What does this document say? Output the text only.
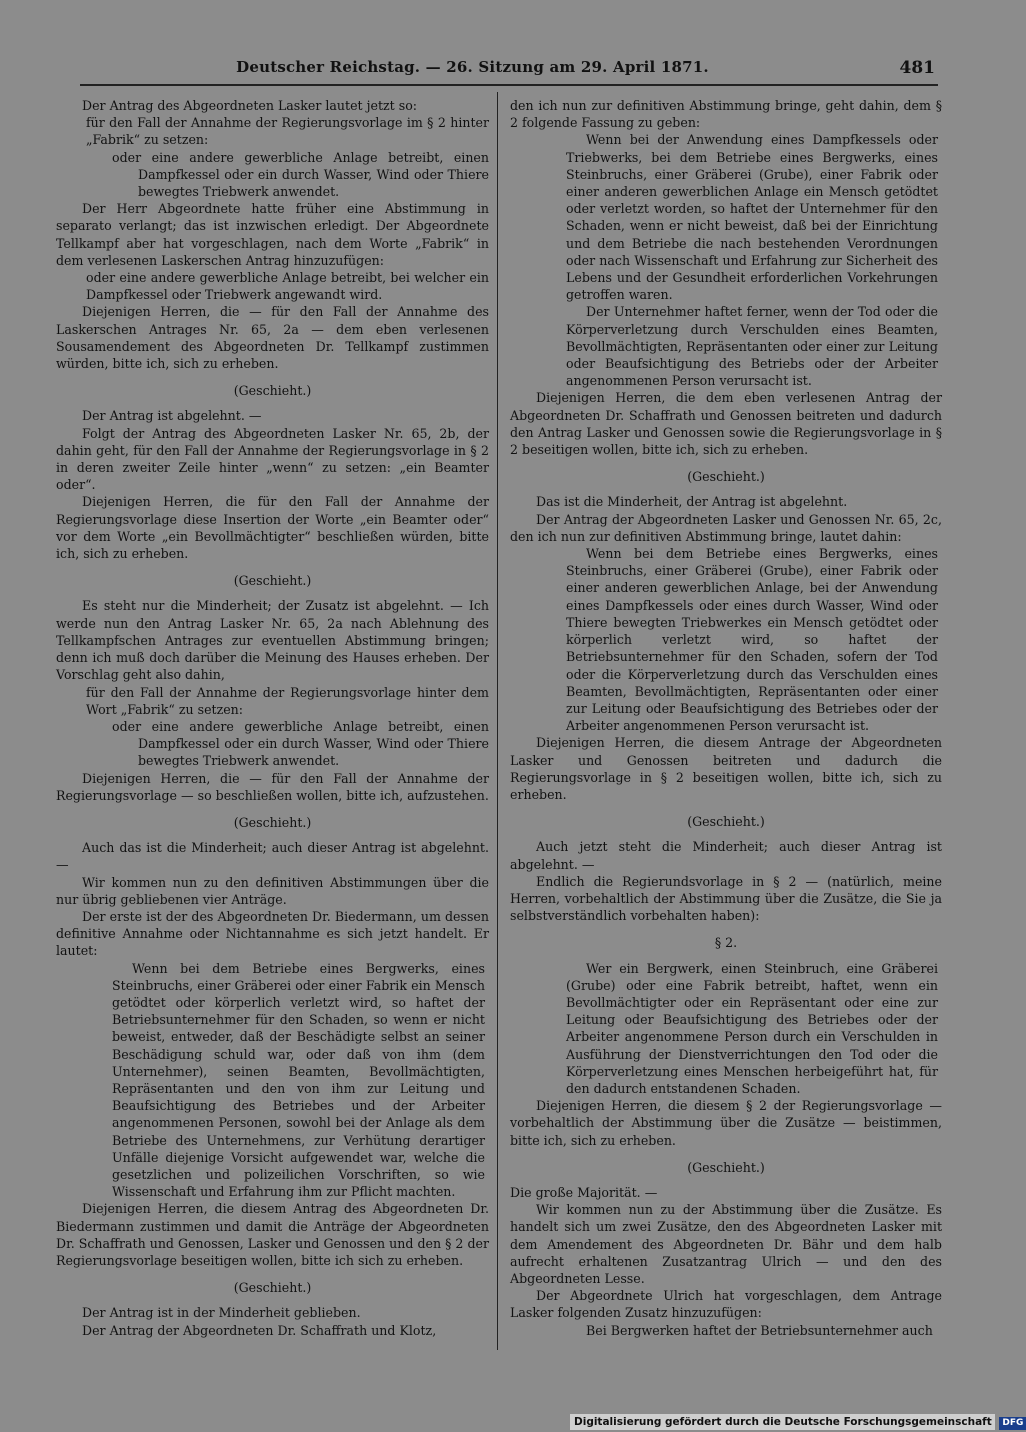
Deutscher Reichstag. — 26. Sitzung am 29. April 1871.	481

Der Antrag des Abgeordneten Lasker lautet jetzt so:

für den Fall der Annahme der Regierungsvorlage im § 2 hinter „Fabrik“ zu setzen:

oder eine andere gewerbliche Anlage betreibt, einen Dampfkessel oder ein durch Wasser, Wind oder Thiere bewegtes Triebwerk anwendet.

Der Herr Abgeordnete hatte früher eine Abstimmung in separato verlangt; das ist inzwischen erledigt. Der Abgeordnete Tellkampf aber hat vorgeschlagen, nach dem Worte „Fabrik“ in dem verlesenen Laskerschen Antrag hinzuzufügen:

oder eine andere gewerbliche Anlage betreibt, bei welcher ein Dampfkessel oder Triebwerk angewandt wird.

Diejenigen Herren, die — für den Fall der Annahme des Laskerschen Antrages Nr. 65, 2a — dem eben verlesenen Sousamendement des Abgeordneten Dr. Tellkampf zustimmen würden, bitte ich, sich zu erheben.

(Geschieht.)

Der Antrag ist abgelehnt. —

Folgt der Antrag des Abgeordneten Lasker Nr. 65, 2b, der dahin geht, für den Fall der Annahme der Regierungsvorlage in § 2 in deren zweiter Zeile hinter „wenn“ zu setzen: „ein Beamter oder“.

Diejenigen Herren, die für den Fall der Annahme der Regierungsvorlage diese Insertion der Worte „ein Beamter oder“ vor dem Worte „ein Bevollmächtigter“ beschließen würden, bitte ich, sich zu erheben.

(Geschieht.)

Es steht nur die Minderheit; der Zusatz ist abgelehnt. — Ich werde nun den Antrag Lasker Nr. 65, 2a nach Ablehnung des Tellkampfschen Antrages zur eventuellen Abstimmung bringen; denn ich muß doch darüber die Meinung des Hauses erheben. Der Vorschlag geht also dahin,

für den Fall der Annahme der Regierungsvorlage hinter dem Wort „Fabrik“ zu setzen:

oder eine andere gewerbliche Anlage betreibt, einen Dampfkessel oder ein durch Wasser, Wind oder Thiere bewegtes Triebwerk anwendet.

Diejenigen Herren, die — für den Fall der Annahme der Regierungsvorlage — so beschließen wollen, bitte ich, aufzustehen.

(Geschieht.)

Auch das ist die Minderheit; auch dieser Antrag ist abgelehnt. —

Wir kommen nun zu den definitiven Abstimmungen über die nur übrig gebliebenen vier Anträge.

Der erste ist der des Abgeordneten Dr. Biedermann, um dessen definitive Annahme oder Nichtannahme es sich jetzt handelt. Er lautet:

Wenn bei dem Betriebe eines Bergwerks, eines Steinbruchs, einer Gräberei oder einer Fabrik ein Mensch getödtet oder körperlich verletzt wird, so haftet der Betriebsunternehmer für den Schaden, so wenn er nicht beweist, entweder, daß der Beschädigte selbst an seiner Beschädigung schuld war, oder daß von ihm (dem Unternehmer), seinen Beamten, Bevollmächtigten, Repräsentanten und den von ihm zur Leitung und Beaufsichtigung des Betriebes und der Arbeiter angenommenen Personen, sowohl bei der Anlage als dem Betriebe des Unternehmens, zur Verhütung derartiger Unfälle diejenige Vorsicht aufgewendet war, welche die gesetzlichen und polizeilichen Vorschriften, so wie Wissenschaft und Erfahrung ihm zur Pflicht machten.

Diejenigen Herren, die diesem Antrag des Abgeordneten Dr. Biedermann zustimmen und damit die Anträge der Abgeordneten Dr. Schaffrath und Genossen, Lasker und Genossen und den § 2 der Regierungsvorlage beseitigen wollen, bitte ich sich zu erheben.

(Geschieht.)

Der Antrag ist in der Minderheit geblieben.

Der Antrag der Abgeordneten Dr. Schaffrath und Klotz,

den ich nun zur definitiven Abstimmung bringe, geht dahin, dem § 2 folgende Fassung zu geben:

Wenn bei der Anwendung eines Dampfkessels oder Triebwerks, bei dem Betriebe eines Bergwerks, eines Steinbruchs, einer Gräberei (Grube), einer Fabrik oder einer anderen gewerblichen Anlage ein Mensch getödtet oder verletzt worden, so haftet der Unternehmer für den Schaden, wenn er nicht beweist, daß bei der Einrichtung und dem Betriebe die nach bestehenden Verordnungen oder nach Wissenschaft und Erfahrung zur Sicherheit des Lebens und der Gesundheit erforderlichen Vorkehrungen getroffen waren.

Der Unternehmer haftet ferner, wenn der Tod oder die Körperverletzung durch Verschulden eines Beamten, Bevollmächtigten, Repräsentanten oder einer zur Leitung oder Beaufsichtigung des Betriebs oder der Arbeiter angenommenen Person verursacht ist.

Diejenigen Herren, die dem eben verlesenen Antrag der Abgeordneten Dr. Schaffrath und Genossen beitreten und dadurch den Antrag Lasker und Genossen sowie die Regierungsvorlage in § 2 beseitigen wollen, bitte ich, sich zu erheben.

(Geschieht.)

Das ist die Minderheit, der Antrag ist abgelehnt.

Der Antrag der Abgeordneten Lasker und Genossen Nr. 65, 2c, den ich nun zur definitiven Abstimmung bringe, lautet dahin:

Wenn bei dem Betriebe eines Bergwerks, eines Steinbruchs, einer Gräberei (Grube), einer Fabrik oder einer anderen gewerblichen Anlage, bei der Anwendung eines Dampfkessels oder eines durch Wasser, Wind oder Thiere bewegten Triebwerkes ein Mensch getödtet oder körperlich verletzt wird, so haftet der Betriebsunternehmer für den Schaden, sofern der Tod oder die Körperverletzung durch das Verschulden eines Beamten, Bevollmächtigten, Repräsentanten oder einer zur Leitung oder Beaufsichtigung des Betriebes oder der Arbeiter angenommenen Person verursacht ist.

Diejenigen Herren, die diesem Antrage der Abgeordneten Lasker und Genossen beitreten und dadurch die Regierungsvorlage in § 2 beseitigen wollen, bitte ich, sich zu erheben.

(Geschieht.)

Auch jetzt steht die Minderheit; auch dieser Antrag ist abgelehnt. —

Endlich die Regierundsvorlage in § 2 — (natürlich, meine Herren, vorbehaltlich der Abstimmung über die Zusätze, die Sie ja selbstverständlich vorbehalten haben):

§ 2.

Wer ein Bergwerk, einen Steinbruch, eine Gräberei (Grube) oder eine Fabrik betreibt, haftet, wenn ein Bevollmächtigter oder ein Repräsentant oder eine zur Leitung oder Beaufsichtigung des Betriebes oder der Arbeiter angenommene Person durch ein Verschulden in Ausführung der Dienstverrichtungen den Tod oder die Körperverletzung eines Menschen herbeigeführt hat, für den dadurch entstandenen Schaden.

Diejenigen Herren, die diesem § 2 der Regierungsvorlage — vorbehaltlich der Abstimmung über die Zusätze — beistimmen, bitte ich, sich zu erheben.

(Geschieht.)

Die große Majorität. —

Wir kommen nun zu der Abstimmung über die Zusätze. Es handelt sich um zwei Zusätze, den des Abgeordneten Lasker mit dem Amendement des Abgeordneten Dr. Bähr und dem halb aufrecht erhaltenen Zusatzantrag Ulrich — und den des Abgeordneten Lesse.

Der Abgeordnete Ulrich hat vorgeschlagen, dem Antrage Lasker folgenden Zusatz hinzuzufügen:

Bei Bergwerken haftet der Betriebsunternehmer auch

Digitalisierung gefördert durch die Deutsche Forschungsgemeinschaft DFG
